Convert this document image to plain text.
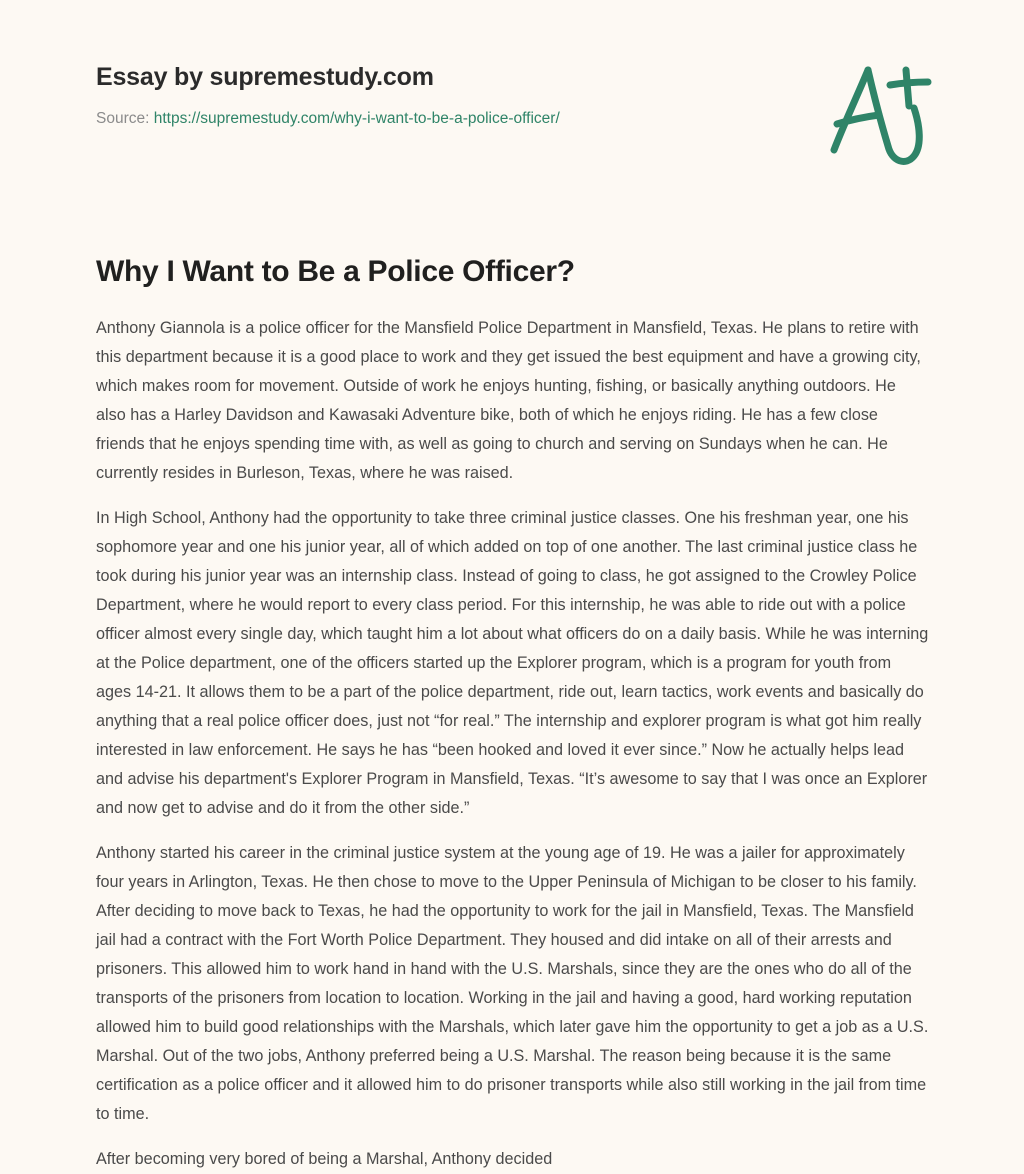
Essay by supremestudy.com
Source: https://supremestudy.com/why-i-want-to-be-a-police-officer/
Why I Want to Be a Police Officer?

Anthony Giannola is a police officer for the Mansfield Police Department in Mansfield, Texas. He plans to retire with this department because it is a good place to work and they get issued the best equipment and have a growing city, which makes room for movement. Outside of work he enjoys hunting, fishing, or basically anything outdoors. He also has a Harley Davidson and Kawasaki Adventure bike, both of which he enjoys riding. He has a few close friends that he enjoys spending time with, as well as going to church and serving on Sundays when he can. He currently resides in Burleson, Texas, where he was raised.

In High School, Anthony had the opportunity to take three criminal justice classes. One his freshman year, one his sophomore year and one his junior year, all of which added on top of one another. The last criminal justice class he took during his junior year was an internship class. Instead of going to class, he got assigned to the Crowley Police Department, where he would report to every class period. For this internship, he was able to ride out with a police officer almost every single day, which taught him a lot about what officers do on a daily basis. While he was interning at the Police department, one of the officers started up the Explorer program, which is a program for youth from ages 14-21. It allows them to be a part of the police department, ride out, learn tactics, work events and basically do anything that a real police officer does, just not “for real.” The internship and explorer program is what got him really interested in law enforcement. He says he has “been hooked and loved it ever since.” Now he actually helps lead and advise his department's Explorer Program in Mansfield, Texas. “It’s awesome to say that I was once an Explorer and now get to advise and do it from the other side.”

Anthony started his career in the criminal justice system at the young age of 19. He was a jailer for approximately four years in Arlington, Texas. He then chose to move to the Upper Peninsula of Michigan to be closer to his family. After deciding to move back to Texas, he had the opportunity to work for the jail in Mansfield, Texas. The Mansfield jail had a contract with the Fort Worth Police Department. They housed and did intake on all of their arrests and prisoners. This allowed him to work hand in hand with the U.S. Marshals, since they are the ones who do all of the transports of the prisoners from location to location. Working in the jail and having a good, hard working reputation allowed him to build good relationships with the Marshals, which later gave him the opportunity to get a job as a U.S. Marshal. Out of the two jobs, Anthony preferred being a U.S. Marshal. The reason being because it is the same certification as a police officer and it allowed him to do prisoner transports while also still working in the jail from time to time.

After becoming very bored of being a Marshal, Anthony decided
